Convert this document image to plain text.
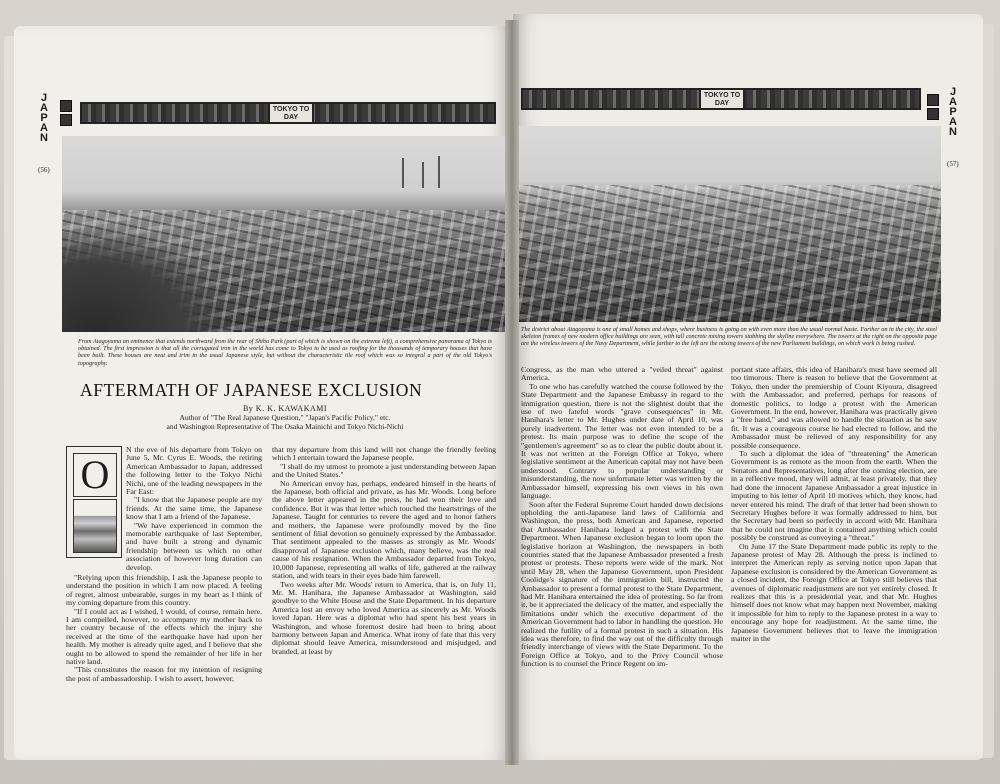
JAPAN
(56)
TOKYO TO DAY
From Atagoyama an eminence that extends northward from the rear of Shiba Park (part of which is shown on the extreme left), a comprehensive panorama of Tokyo is obtained. The first impression is that all the corrugated iron in the world has come to Tokyo to be used as roofing for the thousands of temporary houses that have been built. These houses are neat and trim in the usual Japanese style, but without the characteristic tile roof which was so integral a part of the old Tokyo's topography.
AFTERMATH OF JAPANESE EXCLUSION
By K. K. KAWAKAMI
Author of "The Real Japanese Question," "Japan's Pacific Policy," etc.
and Washington Representative of The Osaka Mainichi and Tokyo Nichi-Nichi
O

N the eve of his departure from Tokyo on June 5, Mr. Cyrus E. Woods, the retiring American Ambassador to Japan, addressed the following letter to the Tokyo Nichi Nichi, one of the leading newspapers in the Far East:

"I know that the Japanese people are my friends. At the same time, the Japanese know that I am a friend of the Japanese.

"We have experienced in common the memorable earthquake of last September, and have built a strong and dynamic friendship between us which no other association of however long duration can develop.

"Relying upon this friendship, I ask the Japanese people to understand the position in which I am now placed. A feeling of regret, almost unbearable, surges in my heart as I think of my coming departure from this country.

"If I could act as I wished, I would, of course, remain here. I am compelled, however, to accompany my mother back to her country because of the effects which the injury she received at the time of the earthquake have had upon her health. My mother is already quite aged, and I believe that she ought to be allowed to spend the remainder of her life in her native land.

"This constitutes the reason for my intention of resigning the post of ambassadorship. I wish to assert, however,

that my departure from this land will not change the friendly feeling which I entertain toward the Japanese people.

"I shall do my utmost to promote a just understanding between Japan and the United States."

No American envoy has, perhaps, endeared himself in the hearts of the Japanese, both official and private, as has Mr. Woods. Long before the above letter appeared in the press, he had won their love and confidence. But it was that letter which touched the heartstrings of the Japanese. Taught for centuries to revere the aged and to honor fathers and mothers, the Japanese were profoundly moved by the fine sentiment of filial devotion so genuinely expressed by the Ambassador. That sentiment appealed to the masses as strongly as Mr. Woods' disapproval of Japanese exclusion which, many believe, was the real cause of his resignation. When the Ambassador departed from Tokyo, 10,000 Japanese, representing all walks of life, gathered at the railway station, and with tears in their eyes bade him farewell.

Two weeks after Mr. Woods' return to America, that is, on July 11, Mr. M. Hanihara, the Japanese Ambassador at Washington, said goodbye to the White House and the State Department. In his departure America lost an envoy who loved America as sincerely as Mr. Woods loved Japan. Here was a diplomat who had spent his best years in Washington, and whose foremost desire had been to bring about harmony between Japan and America. What irony of fate that this very diplomat should leave America, misunderstood and misjudged, and branded, at least by

TOKYO TO DAY	JAPAN
(57)
The district about Atagoyama is one of small homes and shops, where business is going on with even more than the usual normal haste. Farther on in the city, the steel skeleton frames of new modern office buildings are seen, with tall concrete mixing towers stabbing the skyline everywhere. The towers at the right on the opposite page are the wireless towers of the Navy Department, while farther to the left are the mixing towers of the new Parliament buildings, on which work is being rushed.

Congress, as the man who uttered a "veiled threat" against America.

To one who has carefully watched the course followed by the State Department and the Japanese Embassy in regard to the immigration question, there is not the slightest doubt that the use of two fateful words "grave consequences" in Mr. Hanihara's letter to Mr. Hughes under date of April 10, was purely inadvertent. The letter was not even intended to be a protest. Its main purpose was to define the scope of the "gentlemen's agreement" so as to clear the public doubt about it. It was not written at the Foreign Office at Tokyo, where legislative sentiment at the American capital may not have been understood. Contrary to popular understanding or misunderstanding, the now unfortunate letter was written by the Ambassador himself, expressing his own views in his own language.

Soon after the Federal Supreme Court handed down decisions upholding the anti-Japanese land laws of California and Washington, the press, both American and Japanese, reported that Ambassador Hanihara lodged a protest with the State Department. When Japanese exclusion began to loom upon the legislative horizon at Washington, the newspapers in both countries stated that the Japanese Ambassador presented a fresh protest or protests. These reports were wide of the mark. Not until May 28, when the Japanese Government, upon President Coolidge's signature of the immigration bill, instructed the Ambassador to present a formal protest to the State Department, had Mr. Hanihara entertained the idea of protesting. So far from it, be it appreciated the delicacy of the matter, and especially the limitations under which the executive department of the American Government had to labor in handling the question. He realized the futility of a formal protest in such a situation. His idea was therefore, to find the way out of the difficulty through friendly interchange of views with the State Department. To the Foreign Office at Tokyo, and to the Privy Council whose function is to counsel the Prince Regent on im-

portant state affairs, this idea of Hanihara's must have seemed all too timorous. There is reason to believe that the Government at Tokyo, then under the premiership of Count Kiyoura, disagreed with the Ambassador, and preferred, perhaps for reasons of domestic politics, to lodge a protest with the American Government. In the end, however, Hanihara was practically given a "free hand," and was allowed to handle the situation as he saw fit. It was a courageous course he had elected to follow, and the Ambassador must be relieved of any responsibility for any possible consequence.

To such a diplomat the idea of "threatening" the American Government is as remote as the moon from the earth. When the Senators and Representatives, long after the coming election, are in a reflective mood, they will admit, at least privately, that they had done the innocent Japanese Ambassador a great injustice in imputing to his letter of April 10 motives which, they know, had never entered his mind. The draft of that letter had been shown to Secretary Hughes before it was formally addressed to him, but the Secretary had been so perfectly in accord with Mr. Hanihara that he could not imagine that it contained anything which could possibly be construed as conveying a "threat."

On June 17 the State Department made public its reply to the Japanese protest of May 28. Although the press is inclined to interpret the American reply as serving notice upon Japan that Japanese exclusion is considered by the American Government as a closed incident, the Foreign Office at Tokyo still believes that avenues of diplomatic readjustment are not yet entirely closed. It realizes that this is a presidential year, and that Mr. Hughes himself does not know what may happen next November, making it impossible for him to reply to the Japanese protest in a way to encourage any hope for readjustment. At the same time, the Japanese Government believes that to leave the immigration matter in the
